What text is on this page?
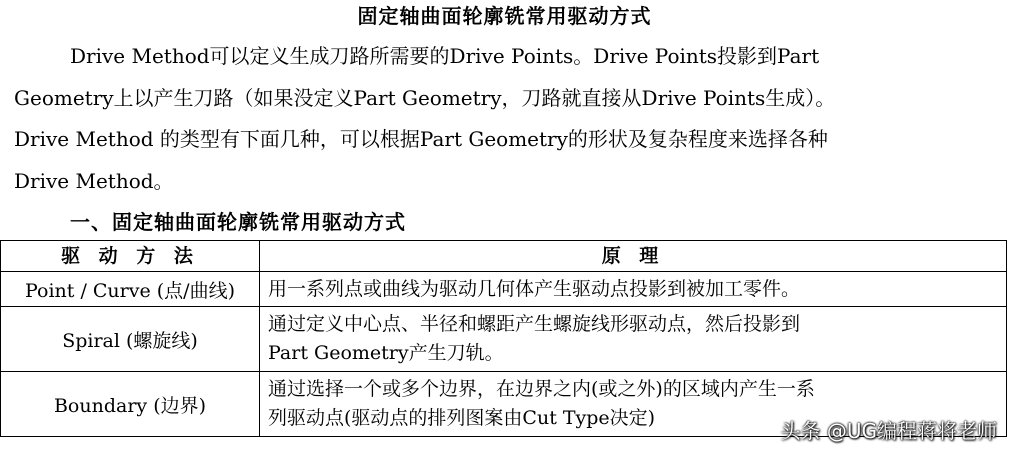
固定轴曲面轮廓铣常用驱动方式
Drive Method可以定义生成刀路所需要的Drive Points。Drive Points投影到Part
Geometry上以产生刀路（如果没定义Part Geometry，刀路就直接从Drive Points生成）。
Drive Method 的类型有下面几种，可以根据Part Geometry的形状及复杂程度来选择各种
Drive Method。
一、固定轴曲面轮廓铣常用驱动方式
驱 动 方 法	原 理
Point / Curve (点/曲线)	用一系列点或曲线为驱动几何体产生驱动点投影到被加工零件。
Spiral (螺旋线)	通过定义中心点、半径和螺距产生螺旋线形驱动点，然后投影到
Part Geometry产生刀轨。
Boundary (边界)	通过选择一个或多个边界，在边界之内(或之外)的区域内产生一系
列驱动点(驱动点的排列图案由Cut Type决定)
头条 @UG编程蒋将老师
